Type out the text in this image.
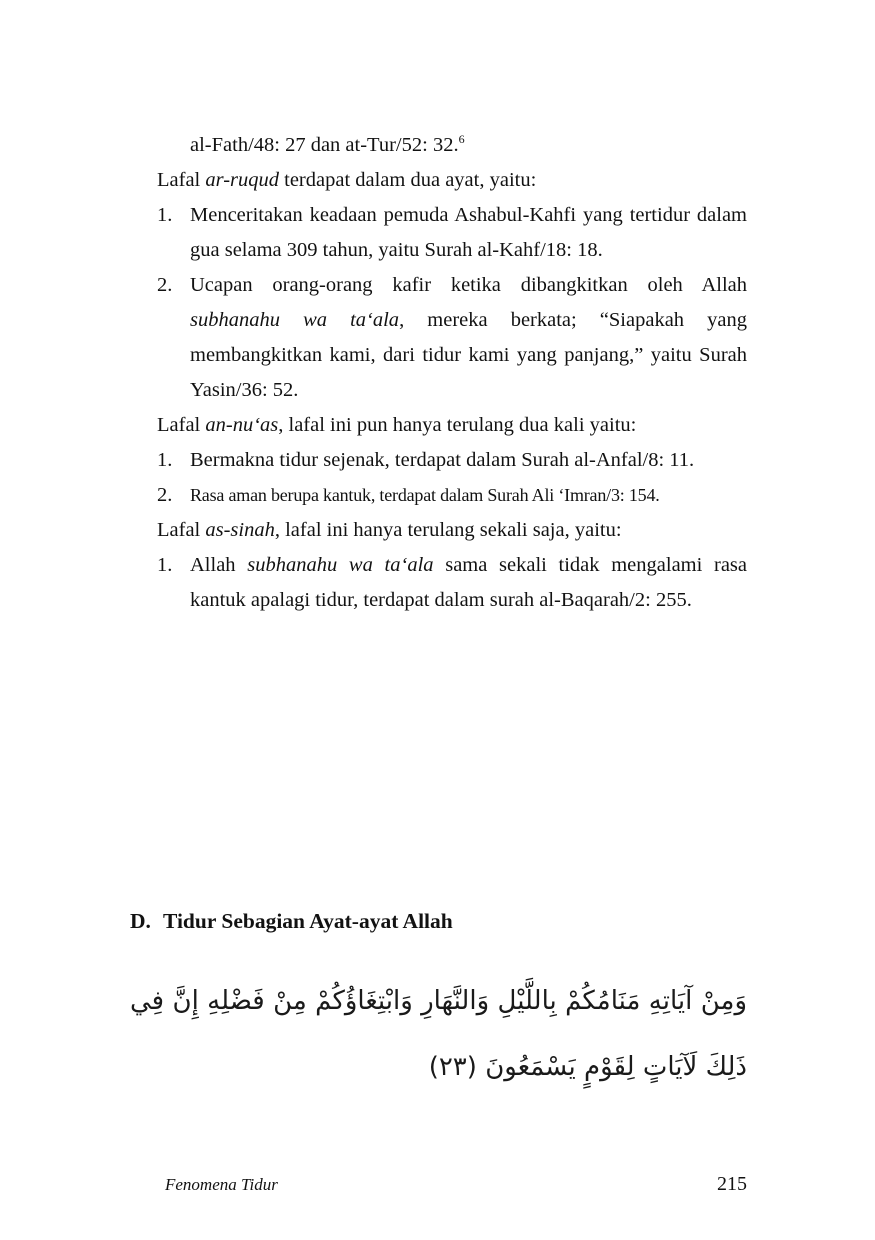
al-Fath/48: 27 dan at-Tur/52: 32.$^6$

Lafal ar-ruqud terdapat dalam dua ayat, yaitu:

1. Menceritakan keadaan pemuda Ashabul-Kahfi yang tertidur dalam gua selama 309 tahun, yaitu Surah al-Kahf/18: 18.
2. Ucapan orang-orang kafir ketika dibangkitkan oleh Allah subhanahu wa ta‘ala, mereka berkata; “Siapakah yang membangkitkan kami, dari tidur kami yang panjang,” yaitu Surah Yasin/36: 52.

Lafal an-nu‘as, lafal ini pun hanya terulang dua kali yaitu:

1. Bermakna tidur sejenak, terdapat dalam Surah al-Anfal/8: 11.
2. Rasa aman berupa kantuk, terdapat dalam Surah Ali ‘Imran/3: 154.

Lafal as-sinah, lafal ini hanya terulang sekali saja, yaitu:

1. Allah subhanahu wa ta‘ala sama sekali tidak mengalami rasa kantuk apalagi tidur, terdapat dalam surah al-Baqarah/2: 255.
D. Tidur Sebagian Ayat-ayat Allah
وَمِنْ آيَاتِهِ مَنَامُكُمْ بِاللَّيْلِ وَالنَّهَارِ وَابْتِغَاؤُكُمْ مِنْ فَضْلِهِ إِنَّ فِي ذَلِكَ لَآيَاتٍ لِقَوْمٍ يَسْمَعُونَ (٢٣)
Fenomena Tidur	215
